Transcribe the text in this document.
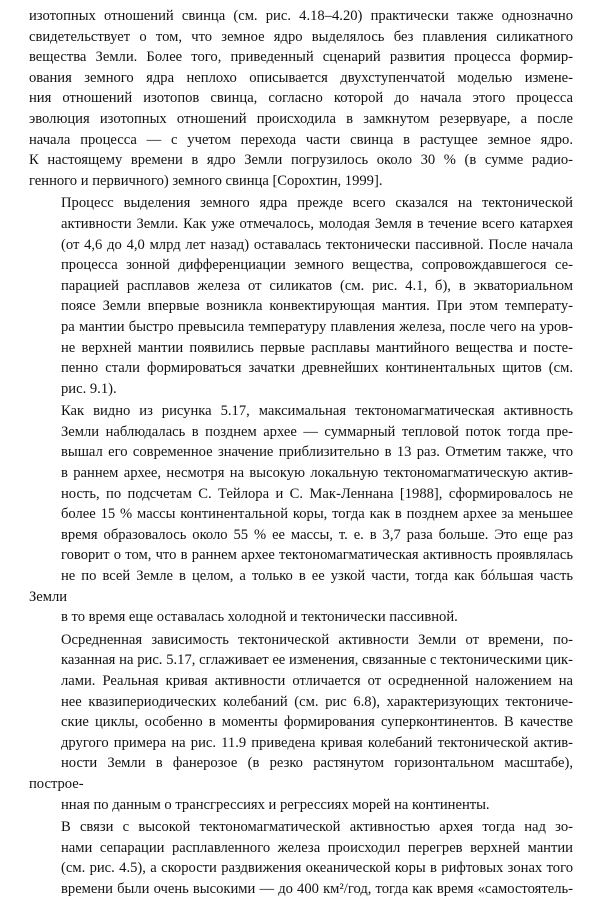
изотопных отношений свинца (см. рис. 4.18–4.20) практически также однозначно
свидетельствует о том, что земное ядро выделялось без плавления силикатного
вещества Земли. Более того, приведенный сценарий развития процесса формир-
ования земного ядра неплохо описывается двухступенчатой моделью измене-
ния отношений изотопов свинца, согласно которой до начала этого процесса
эволюция изотопных отношений происходила в замкнутом резервуаре, а после
начала процесса — с учетом перехода части свинца в растущее земное ядро.
К настоящему времени в ядро Земли погрузилось около 30 % (в сумме радио-
генного и первичного) земного свинца [Сорохтин, 1999].

Процесс выделения земного ядра прежде всего сказался на тектонической
активности Земли. Как уже отмечалось, молодая Земля в течение всего катархея
(от 4,6 до 4,0 млрд лет назад) оставалась тектонически пассивной. После начала
процесса зонной дифференциации земного вещества, сопровождавшегося се-
парацией расплавов железа от силикатов (см. рис. 4.1, б), в экваториальном
поясе Земли впервые возникла конвектирующая мантия. При этом температу-
ра мантии быстро превысила температуру плавления железа, после чего на уров-
не верхней мантии появились первые расплавы мантийного вещества и посте-
пенно стали формироваться зачатки древнейших континентальных щитов (см.
рис. 9.1).

Как видно из рисунка 5.17, максимальная тектономагматическая активность
Земли наблюдалась в позднем архее — суммарный тепловой поток тогда пре-
вышал его современное значение приблизительно в 13 раз. Отметим также, что
в раннем архее, несмотря на высокую локальную тектономагматическую актив-
ность, по подсчетам С. Тейлора и С. Мак-Леннана [1988], сформировалось не
более 15 % массы континентальной коры, тогда как в позднем архее за меньшее
время образовалось около 55 % ее массы, т. е. в 3,7 раза больше. Это еще раз
говорит о том, что в раннем архее тектономагматическая активность проявлялась
не по всей Земле в целом, а только в ее узкой части, тогда как бóльшая часть Земли
в то время еще оставалась холодной и тектонически пассивной.

Осредненная зависимость тектонической активности Земли от времени, по-
казанная на рис. 5.17, сглаживает ее изменения, связанные с тектоническими цик-
лами. Реальная кривая активности отличается от осредненной наложением на
нее квазипериодических колебаний (см. рис 6.8), характеризующих тектониче-
ские циклы, особенно в моменты формирования суперконтинентов. В качестве
другого примера на рис. 11.9 приведена кривая колебаний тектонической актив-
ности Земли в фанерозое (в резко растянутом горизонтальном масштабе), построе-
нная по данным о трансгрессиях и регрессиях морей на континенты.

В связи с высокой тектономагматической активностью архея тогда над зо-
нами сепарации расплавленного железа происходил перегрев верхней мантии
(см. рис. 4.5), а скорости раздвижения океанической коры в рифтовых зонах того
времени были очень высокими — до 400 км²/год, тогда как время «самостоятель-
